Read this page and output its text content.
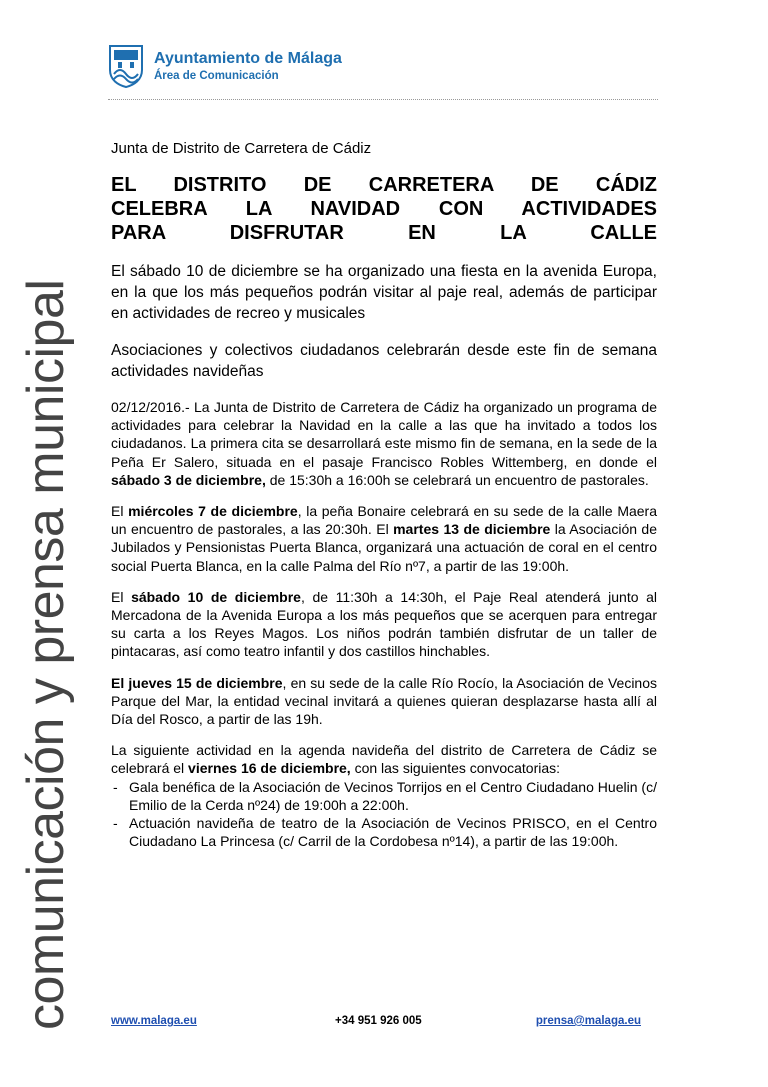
comunicación y prensa municipal
Ayuntamiento de Málaga
Área de Comunicación

Junta de Distrito de Carretera de Cádiz

EL DISTRITO DE CARRETERA DE CÁDIZ

CELEBRA LA NAVIDAD CON ACTIVIDADES

PARA DISFRUTAR EN LA CALLE

El sábado 10 de diciembre se ha organizado una fiesta en la avenida Europa, en la que los más pequeños podrán visitar al paje real, además de participar en actividades de recreo y musicales

Asociaciones y colectivos ciudadanos celebrarán desde este fin de semana actividades navideñas

02/12/2016.- La Junta de Distrito de Carretera de Cádiz ha organizado un programa de actividades para celebrar la Navidad en la calle a las que ha invitado a todos los ciudadanos. La primera cita se desarrollará este mismo fin de semana, en la sede de la Peña Er Salero, situada en el pasaje Francisco Robles Wittemberg, en donde el sábado 3 de diciembre, de 15:30h a 16:00h se celebrará un encuentro de pastorales.

El miércoles 7 de diciembre, la peña Bonaire celebrará en su sede de la calle Maera un encuentro de pastorales, a las 20:30h. El martes 13 de diciembre la Asociación de Jubilados y Pensionistas Puerta Blanca, organizará una actuación de coral en el centro social Puerta Blanca, en la calle Palma del Río nº7, a partir de las 19:00h.

El sábado 10 de diciembre, de 11:30h a 14:30h, el Paje Real atenderá junto al Mercadona de la Avenida Europa a los más pequeños que se acerquen para entregar su carta a los Reyes Magos. Los niños podrán también disfrutar de un taller de pintacaras, así como teatro infantil y dos castillos hinchables.

El jueves 15 de diciembre, en su sede de la calle Río Rocío, la Asociación de Vecinos Parque del Mar, la entidad vecinal invitará a quienes quieran desplazarse hasta allí al Día del Rosco, a partir de las 19h.

La siguiente actividad en la agenda navideña del distrito de Carretera de Cádiz se celebrará el viernes 16 de diciembre, con las siguientes convocatorias:

- Gala benéfica de la Asociación de Vecinos Torrijos en el Centro Ciudadano Huelin (c/ Emilio de la Cerda nº24) de 19:00h a 22:00h.
- Actuación navideña de teatro de la Asociación de Vecinos PRISCO, en el Centro Ciudadano La Princesa (c/ Carril de la Cordobesa nº14), a partir de las 19:00h.
www.malaga.eu	+34 951 926 005	prensa@malaga.eu
